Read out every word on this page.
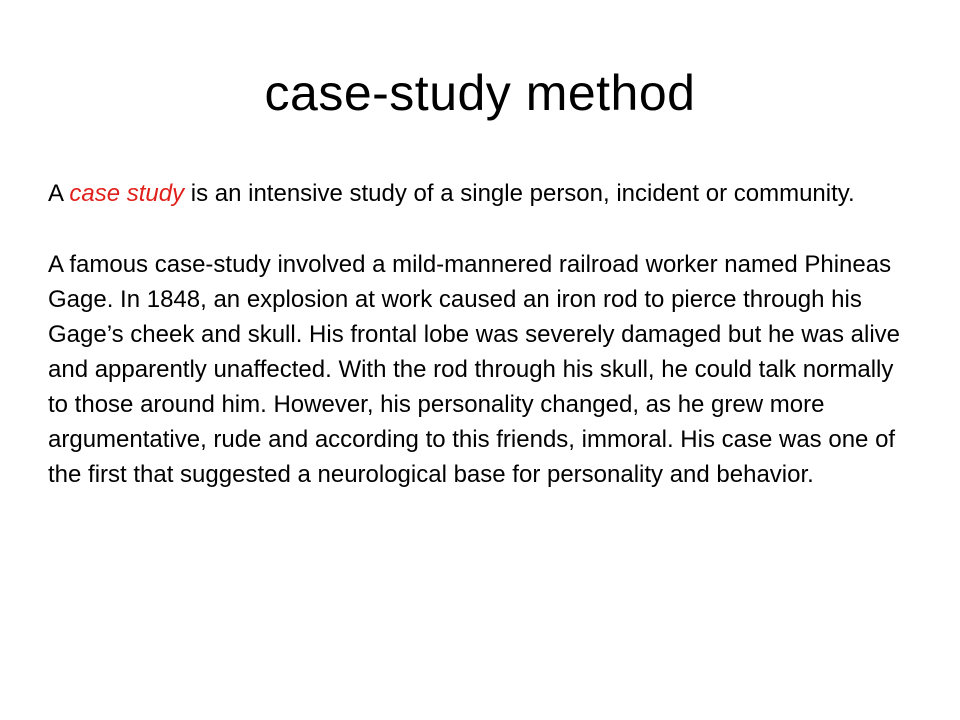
case-study method

A case study is an intensive study of a single person, incident or community.

A famous case-study involved a mild-mannered railroad worker named Phineas Gage. In 1848, an explosion at work caused an iron rod to pierce through his Gage’s cheek and skull. His frontal lobe was severely damaged but he was alive and apparently unaffected. With the rod through his skull, he could talk normally to those around him. However, his personality changed, as he grew more argumentative, rude and according to this friends, immoral. His case was one of the first that suggested a neurological base for personality and behavior.
